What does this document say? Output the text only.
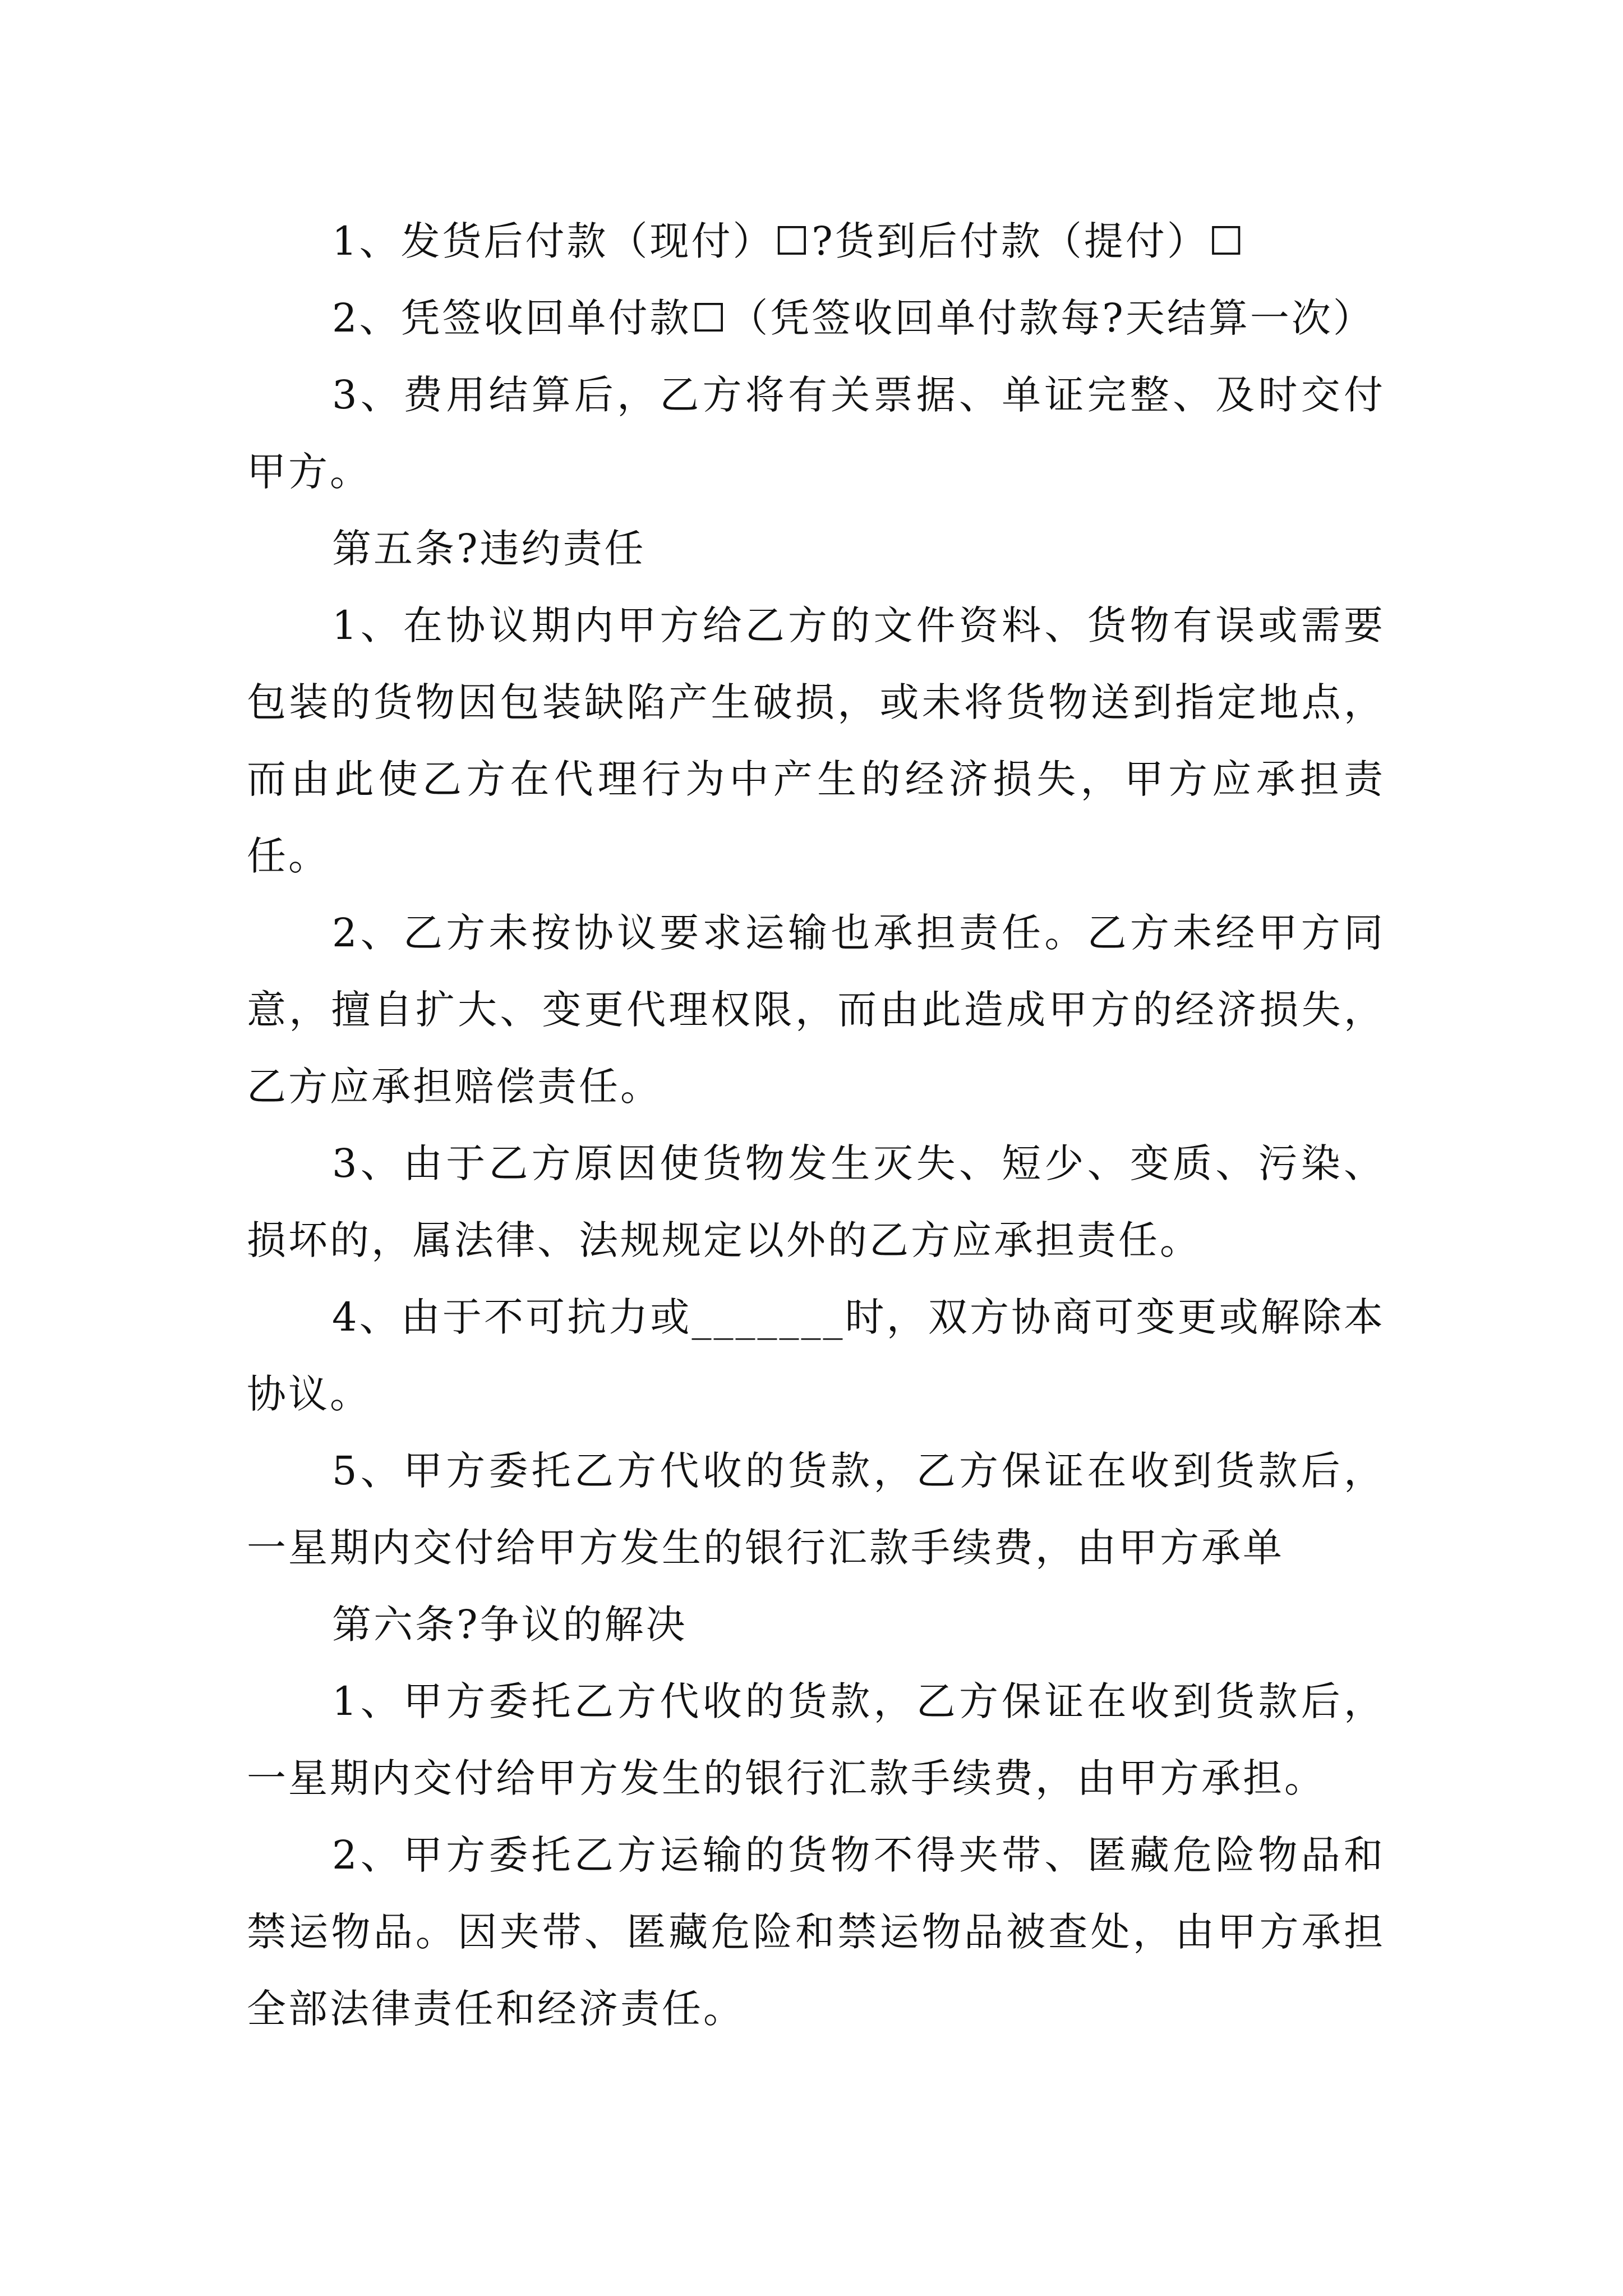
1、发货后付款（现付）☐?货到后付款（提付）☐

2、凭签收回单付款☐（凭签收回单付款每?天结算一次）

3、费用结算后，乙方将有关票据、单证完整、及时交付甲方。

第五条?违约责任

1、在协议期内甲方给乙方的文件资料、货物有误或需要包装的货物因包装缺陷产生破损，或未将货物送到指定地点，而由此使乙方在代理行为中产生的经济损失，甲方应承担责任。

2、乙方未按协议要求运输也承担责任。乙方未经甲方同意，擅自扩大、变更代理权限，而由此造成甲方的经济损失，乙方应承担赔偿责任。

3、由于乙方原因使货物发生灭失、短少、变质、污染、损坏的，属法律、法规规定以外的乙方应承担责任。

4、由于不可抗力或_______时，双方协商可变更或解除本协议。

5、甲方委托乙方代收的货款，乙方保证在收到货款后，一星期内交付给甲方发生的银行汇款手续费，由甲方承单

第六条?争议的解决

1、甲方委托乙方代收的货款，乙方保证在收到货款后，一星期内交付给甲方发生的银行汇款手续费，由甲方承担。

2、甲方委托乙方运输的货物不得夹带、匿藏危险物品和禁运物品。因夹带、匿藏危险和禁运物品被查处，由甲方承担全部法律责任和经济责任。
